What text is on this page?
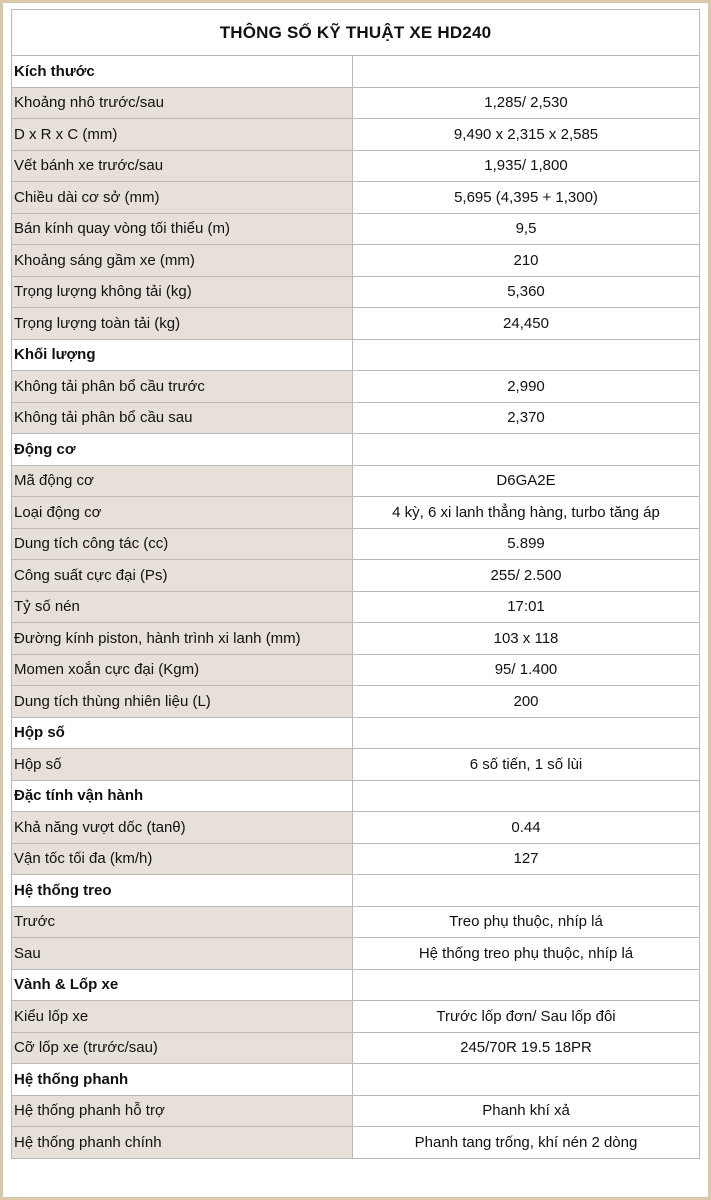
THÔNG SỐ KỸ THUẬT XE HD240
Kích thước	
Khoảng nhô trước/sau	1,285/ 2,530
D x R x C (mm)	9,490 x 2,315 x 2,585
Vết bánh xe trước/sau	1,935/ 1,800
Chiều dài cơ sở (mm)	5,695 (4,395 + 1,300)
Bán kính quay vòng tối thiểu (m)	9,5
Khoảng sáng gầm xe (mm)	210
Trọng lượng không tải (kg)	5,360
Trọng lượng toàn tải (kg)	24,450
Khối lượng	
Không tải phân bổ cầu trước	2,990
Không tải phân bổ cầu sau	2,370
Động cơ	
Mã động cơ	D6GA2E
Loại động cơ	4 kỳ, 6 xi lanh thẳng hàng, turbo tăng áp
Dung tích công tác (cc)	5.899
Công suất cực đại (Ps)	255/ 2.500
Tỷ số nén	17:01
Đường kính piston, hành trình xi lanh (mm)	103 x 118
Momen xoắn cực đại (Kgm)	95/ 1.400
Dung tích thùng nhiên liệu (L)	200
Hộp số	
Hộp số	6 số tiến, 1 số lùi
Đặc tính vận hành	
Khả năng vượt dốc (tanθ)	0.44
Vận tốc tối đa (km/h)	127
Hệ thống treo	
Trước	Treo phụ thuộc, nhíp lá
Sau	Hệ thống treo phụ thuộc, nhíp lá
Vành & Lốp xe	
Kiểu lốp xe	Trước lốp đơn/ Sau lốp đôi
Cỡ lốp xe (trước/sau)	245/70R 19.5 18PR
Hệ thống phanh	
Hệ thống phanh hỗ trợ	Phanh khí xả
Hệ thống phanh chính	Phanh tang trống, khí nén 2 dòng
